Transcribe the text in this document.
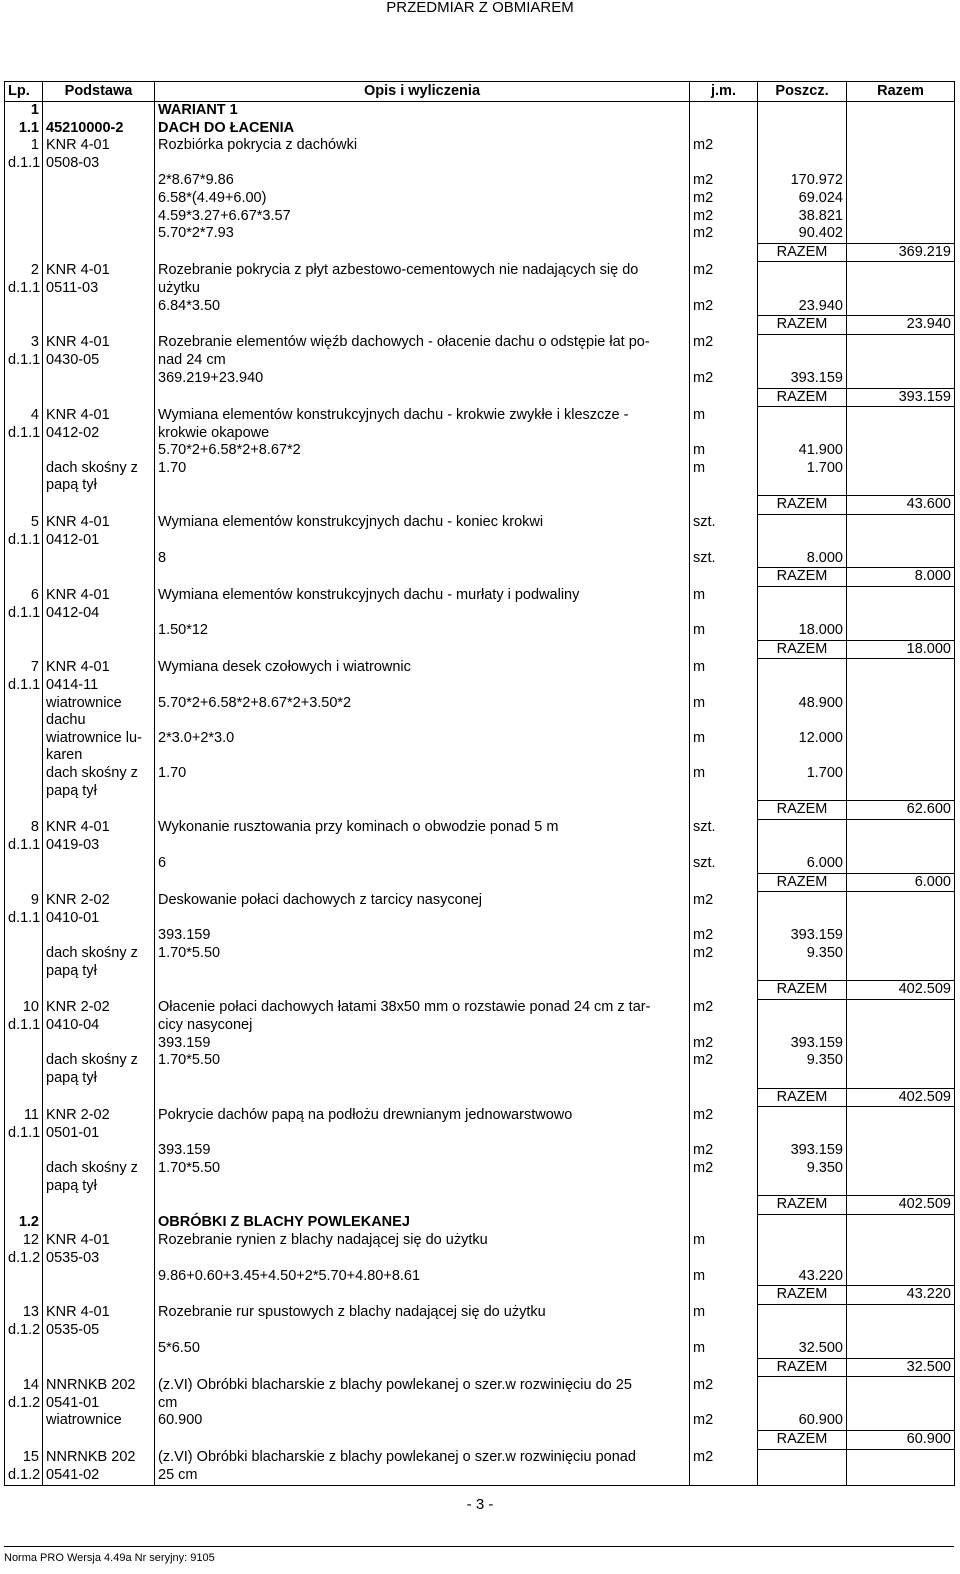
PRZEDMIAR Z OBMIAREM
Lp.	Podstawa	Opis i wyliczenia	j.m.	Poszcz.	Razem
1		WARIANT 1			
1.1	45210000-2	DACH DO ŁACENIA			
1	KNR 4-01	Rozbiórka pokrycia z dachówki	m2		
d.1.1	0508-03				
		2*8.67*9.86	m2	170.972	
		6.58*(4.49+6.00)	m2	69.024	
		4.59*3.27+6.67*3.57	m2	38.821	
		5.70*2*7.93	m2	90.402	
				RAZEM	369.219
2	KNR 4-01	Rozebranie pokrycia z płyt azbestowo-cementowych nie nadających się do	m2		
d.1.1	0511-03	użytku			
		6.84*3.50	m2	23.940	
				RAZEM	23.940
3	KNR 4-01	Rozebranie elementów więźb dachowych - ołacenie dachu o odstępie łat po-	m2		
d.1.1	0430-05	nad 24 cm			
		369.219+23.940	m2	393.159	
				RAZEM	393.159
4	KNR 4-01	Wymiana elementów konstrukcyjnych dachu - krokwie zwykłe i kleszcze -	m		
d.1.1	0412-02	krokwie okapowe			
		5.70*2+6.58*2+8.67*2	m	41.900	
	dach skośny z	1.70	m	1.700	
	papą tył				
				RAZEM	43.600
5	KNR 4-01	Wymiana elementów konstrukcyjnych dachu - koniec krokwi	szt.		
d.1.1	0412-01				
		8	szt.	8.000	
				RAZEM	8.000
6	KNR 4-01	Wymiana elementów konstrukcyjnych dachu - murłaty i podwaliny	m		
d.1.1	0412-04				
		1.50*12	m	18.000	
				RAZEM	18.000
7	KNR 4-01	Wymiana desek czołowych i wiatrownic	m		
d.1.1	0414-11				
	wiatrownice	5.70*2+6.58*2+8.67*2+3.50*2	m	48.900	
	dachu				
	wiatrownice lu-	2*3.0+2*3.0	m	12.000	
	karen				
	dach skośny z	1.70	m	1.700	
	papą tył				
				RAZEM	62.600
8	KNR 4-01	Wykonanie rusztowania przy kominach o obwodzie ponad 5 m	szt.		
d.1.1	0419-03				
		6	szt.	6.000	
				RAZEM	6.000
9	KNR 2-02	Deskowanie połaci dachowych z tarcicy nasyconej	m2		
d.1.1	0410-01				
		393.159	m2	393.159	
	dach skośny z	1.70*5.50	m2	9.350	
	papą tył				
				RAZEM	402.509
10	KNR 2-02	Ołacenie połaci dachowych łatami 38x50 mm o rozstawie ponad 24 cm z tar-	m2		
d.1.1	0410-04	cicy nasyconej			
		393.159	m2	393.159	
	dach skośny z	1.70*5.50	m2	9.350	
	papą tył				
				RAZEM	402.509
11	KNR 2-02	Pokrycie dachów papą na podłożu drewnianym jednowarstwowo	m2		
d.1.1	0501-01				
		393.159	m2	393.159	
	dach skośny z	1.70*5.50	m2	9.350	
	papą tył				
				RAZEM	402.509
1.2		OBRÓBKI Z BLACHY POWLEKANEJ			
12	KNR 4-01	Rozebranie rynien z blachy nadającej się do użytku	m		
d.1.2	0535-03				
		9.86+0.60+3.45+4.50+2*5.70+4.80+8.61	m	43.220	
				RAZEM	43.220
13	KNR 4-01	Rozebranie rur spustowych z blachy nadającej się do użytku	m		
d.1.2	0535-05				
		5*6.50	m	32.500	
				RAZEM	32.500
14	NNRNKB 202	(z.VI) Obróbki blacharskie z blachy powlekanej o szer.w rozwinięciu do 25	m2		
d.1.2	0541-01	cm			
	wiatrownice	60.900	m2	60.900	
				RAZEM	60.900
15	NNRNKB 202	(z.VI) Obróbki blacharskie z blachy powlekanej o szer.w rozwinięciu ponad	m2		
d.1.2	0541-02	25 cm			
- 3 -
Norma PRO Wersja 4.49a Nr seryjny: 9105
